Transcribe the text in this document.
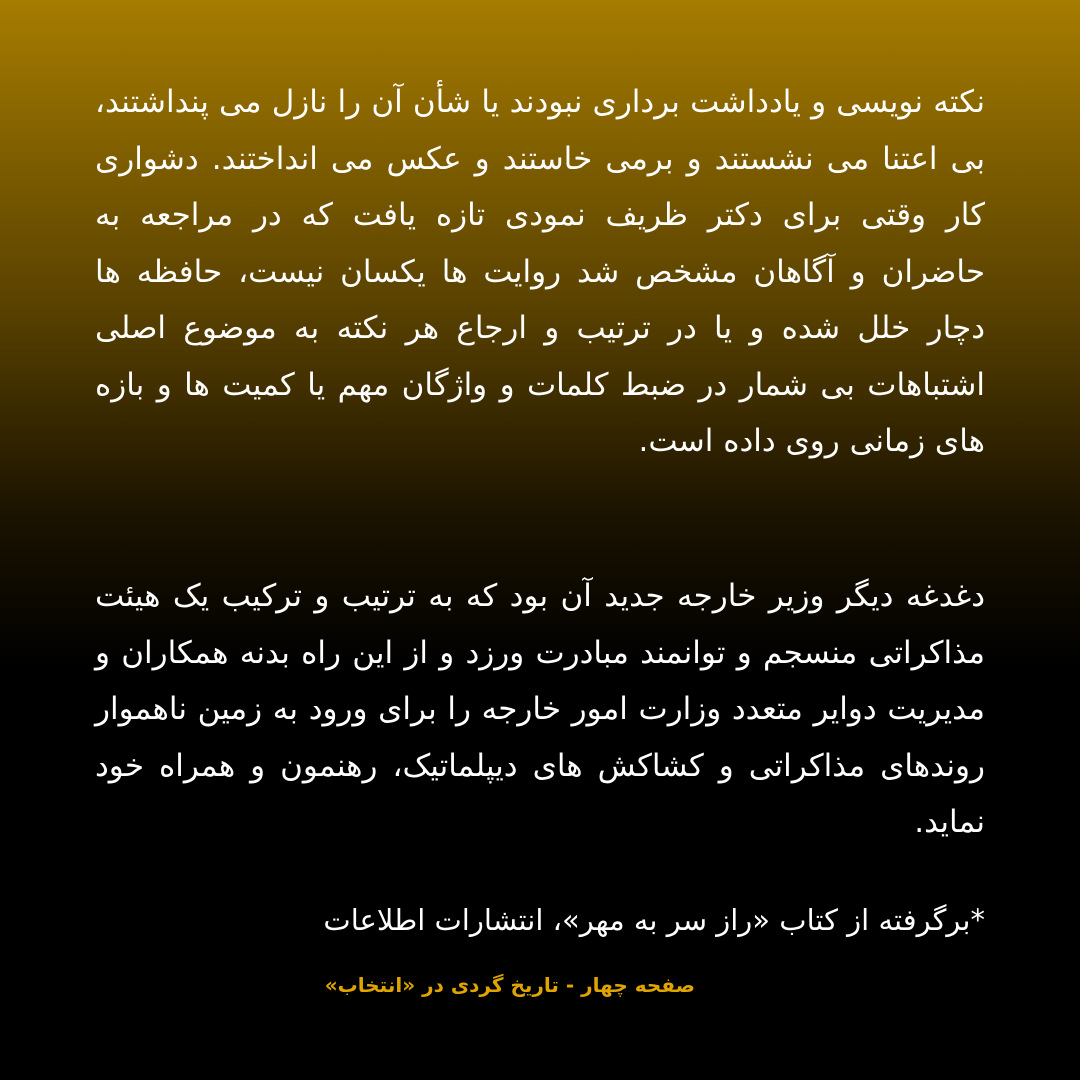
نکته نویسی و یادداشت برداری نبودند یا شأن آن را نازل می پنداشتند، بی اعتنا می نشستند و برمی خاستند و عکس می انداختند. دشواری کار وقتی برای دکتر ظریف نمودی تازه یافت که در مراجعه به حاضران و آگاهان مشخص شد روایت ها یکسان نیست، حافظه ها دچار خلل شده و یا در ترتیب و ارجاع هر نکته به موضوع اصلی اشتباهات بی شمار در ضبط کلمات و واژگان مهم یا کمیت ها و بازه های زمانی روی داده است.

دغدغه دیگر وزیر خارجه جدید آن بود که به ترتیب و ترکیب یک هیئت مذاکراتی منسجم و توانمند مبادرت ورزد و از این راه بدنه همکاران و مدیریت دوایر متعدد وزارت امور خارجه را برای ورود به زمین ناهموار روندهای مذاکراتی و کشاکش های دیپلماتیک، رهنمون و همراه خود نماید.

*برگرفته از کتاب «راز سر به مهر»، انتشارات اطلاعات

صفحه چهار - تاریخ گردی در «انتخاب»
